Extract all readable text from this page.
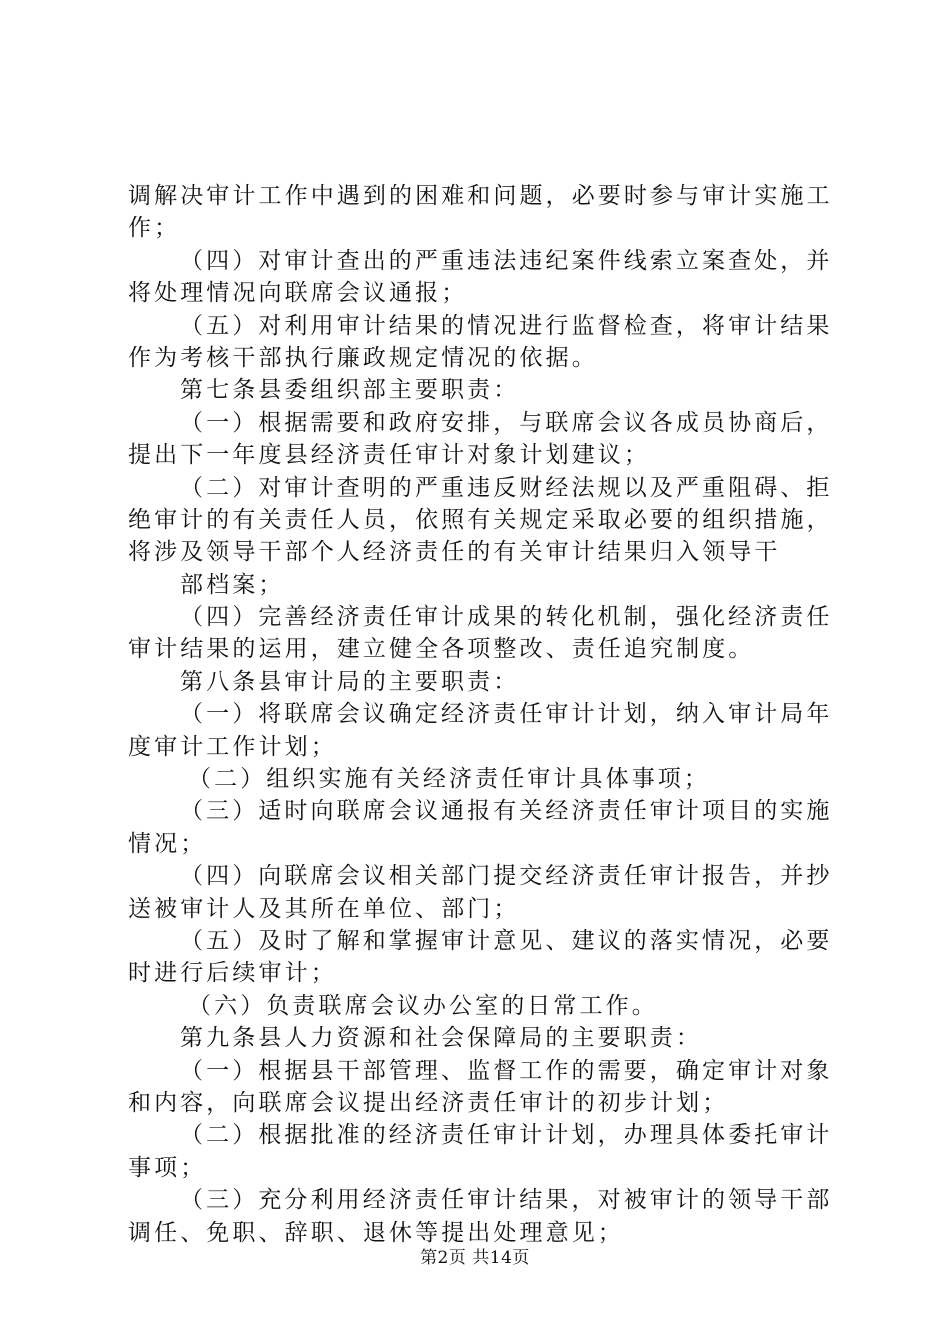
调解决审计工作中遇到的困难和问题，必要时参与审计实施工
作；
（四）对审计查出的严重违法违纪案件线索立案查处，并
将处理情况向联席会议通报；
（五）对利用审计结果的情况进行监督检查，将审计结果
作为考核干部执行廉政规定情况的依据。
第七条县委组织部主要职责：
（一）根据需要和政府安排，与联席会议各成员协商后，
提出下一年度县经济责任审计对象计划建议；
（二）对审计查明的严重违反财经法规以及严重阻碍、拒
绝审计的有关责任人员，依照有关规定采取必要的组织措施，
将涉及领导干部个人经济责任的有关审计结果归入领导干
部档案；
（四）完善经济责任审计成果的转化机制，强化经济责任
审计结果的运用，建立健全各项整改、责任追究制度。
第八条县审计局的主要职责：
（一）将联席会议确定经济责任审计计划，纳入审计局年
度审计工作计划；
（二）组织实施有关经济责任审计具体事项；
（三）适时向联席会议通报有关经济责任审计项目的实施
情况；
（四）向联席会议相关部门提交经济责任审计报告，并抄
送被审计人及其所在单位、部门；
（五）及时了解和掌握审计意见、建议的落实情况，必要
时进行后续审计；
（六）负责联席会议办公室的日常工作。
第九条县人力资源和社会保障局的主要职责：
（一）根据县干部管理、监督工作的需要，确定审计对象
和内容，向联席会议提出经济责任审计的初步计划；
（二）根据批准的经济责任审计计划，办理具体委托审计
事项；
（三）充分利用经济责任审计结果，对被审计的领导干部
调任、免职、辞职、退休等提出处理意见；
第2页 共14页
